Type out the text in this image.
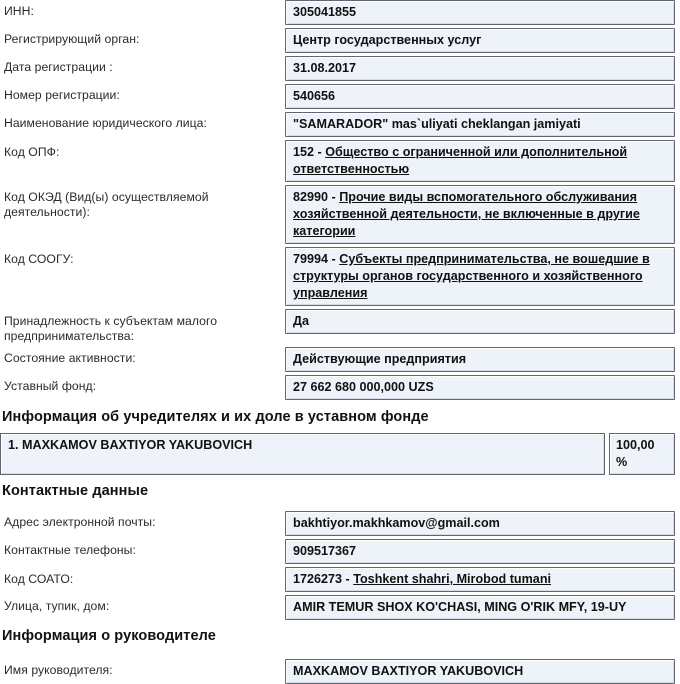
ИНН:	305041855
Регистрирующий орган:	Центр государственных услуг
Дата регистрации :	31.08.2017
Номер регистрации:	540656
Наименование юридического лица:	"SAMARADOR" mas`uliyati cheklangan jamiyati
Код ОПФ:	152 - Общество с ограниченной или дополнительной ответственностью
Код ОКЭД (Вид(ы) осуществляемой деятельности):
82990 - Прочие виды вспомогательного обслуживания хозяйственной деятельности, не включенные в другие категории
Код СООГУ:	79994 - Субъекты предпринимательства, не вошедшие в структуры органов государственного и хозяйственного управления
Принадлежность к субъектам малого предпринимательства:
Да
Состояние активности:	Действующие предприятия
Уставный фонд:	27 662 680 000,000 UZS
Информация об учредителях и их доле в уставном фонде
1. MAXKAMOV BAXTIYOR YAKUBOVICH	100,00 %
Контактные данные
Адрес электронной почты:	bakhtiyor.makhkamov@gmail.com
Контактные телефоны:	909517367
Код СОАТО:	1726273 - Toshkent shahri, Mirobod tumani
Улица, тупик, дом:	AMIR TEMUR SHOX KO'CHASI, MING O'RIK MFY, 19-UY
Информация о руководителе
Имя руководителя:	MAXKAMOV BAXTIYOR YAKUBOVICH
